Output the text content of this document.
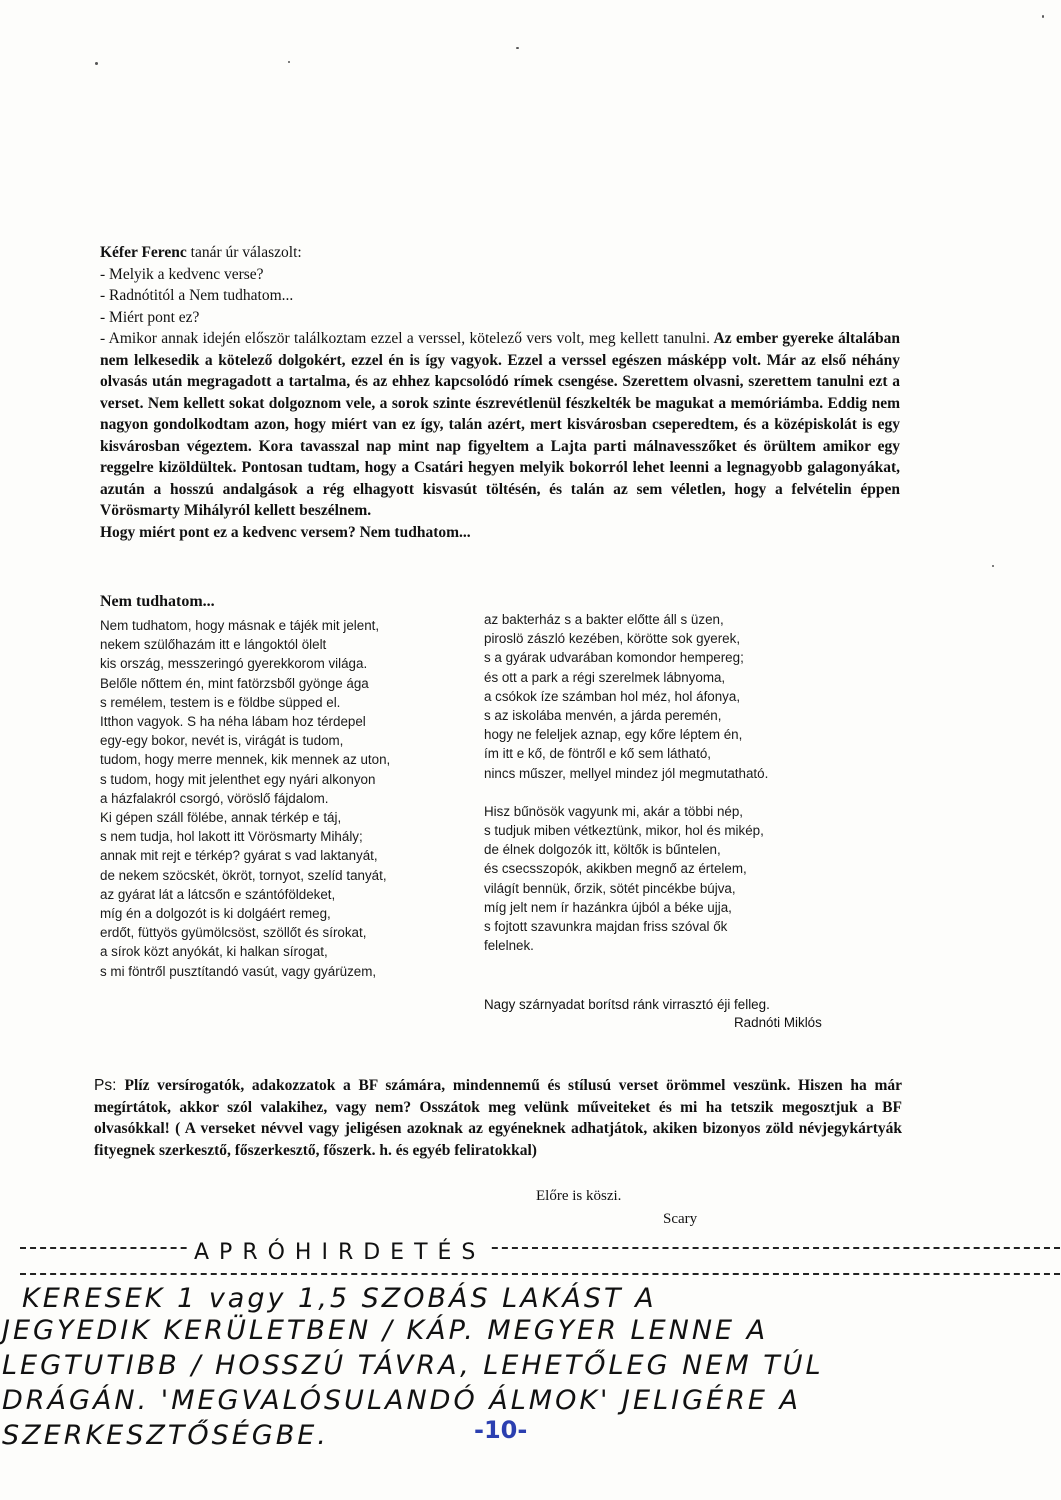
Kéfer Ferenc tanár úr válaszolt:

- Melyik a kedvenc verse?

- Radnótitól a Nem tudhatom...

- Miért pont ez?

- Amikor annak idején először találkoztam ezzel a verssel, kötelező vers volt, meg kellett tanulni. Az ember gyereke általában nem lelkesedik a kötelező dolgokért, ezzel én is így vagyok. Ezzel a verssel egészen másképp volt. Már az első néhány olvasás után megragadott a tartalma, és az ehhez kapcsolódó rímek csengése. Szerettem olvasni, szerettem tanulni ezt a verset. Nem kellett sokat dolgoznom vele, a sorok szinte észrevétlenül fészkelték be magukat a memóriámba. Eddig nem nagyon gondolkodtam azon, hogy miért van ez így, talán azért, mert kisvárosban cseperedtem, és a középiskolát is egy kisvárosban végeztem. Kora tavasszal nap mint nap figyeltem a Lajta parti málnavesszőket és örültem amikor egy reggelre kizöldültek. Pontosan tudtam, hogy a Csatári hegyen melyik bokorról lehet leenni a legnagyobb galagonyákat, azután a hosszú andalgások a rég elhagyott kisvasút töltésén, és talán az sem véletlen, hogy a felvételin éppen Vörösmarty Mihályról kellett beszélnem.

Hogy miért pont ez a kedvenc versem? Nem tudhatom...

Nem tudhatom...
Nem tudhatom, hogy másnak e tájék mit jelent,
nekem szülőhazám itt e lángoktól ölelt
kis ország, messzeringó gyerekkorom világa.
Belőle nőttem én, mint fatörzsből gyönge ága
s remélem, testem is e földbe süpped el.
Itthon vagyok. S ha néha lábam hoz térdepel
egy-egy bokor, nevét is, virágát is tudom,
tudom, hogy merre mennek, kik mennek az uton,
s tudom, hogy mit jelenthet egy nyári alkonyon
a házfalakról csorgó, vöröslő fájdalom.
Ki gépen száll fölébe, annak térkép e táj,
s nem tudja, hol lakott itt Vörösmarty Mihály;
annak mit rejt e térkép? gyárat s vad laktanyát,
de nekem szöcskét, ökröt, tornyot, szelíd tanyát,
az gyárat lát a látcsőn e szántóföldeket,
míg én a dolgozót is ki dolgáért remeg,
erdőt, füttyös gyümölcsöst, szöllőt és sírokat,
a sírok közt anyókát, ki halkan sírogat,
s mi föntről pusztítandó vasút, vagy gyárüzem,
az bakterház s a bakter előtte áll s üzen,
piroslö zászló kezében, körötte sok gyerek,
s a gyárak udvarában komondor hempereg;
és ott a park a régi szerelmek lábnyoma,
a csókok íze számban hol méz, hol áfonya,
s az iskolába menvén, a járda peremén,
hogy ne feleljek aznap, egy kőre léptem én,
ím itt e kő, de föntről e kő sem látható,
nincs műszer, mellyel mindez jól megmutatható.
Hisz bűnösök vagyunk mi, akár a többi nép,
s tudjuk miben vétkeztünk, mikor, hol és mikép,
de élnek dolgozók itt, költők is bűntelen,
és csecsszopók, akikben megnő az értelem,
világít bennük, őrzik, sötét pincékbe bújva,
míg jelt nem ír hazánkra újból a béke ujja,
s fojtott szavunkra majdan friss szóval ők
felelnek.
Nagy szárnyadat borítsd ránk virrasztó éji felleg.
Radnóti Miklós
Ps: Plíz versírogatók, adakozzatok a BF számára, mindennemű és stílusú verset örömmel veszünk. Hiszen ha már megírtátok, akkor szól valakihez, vagy nem? Osszátok meg velünk műveiteket és mi ha tetszik megosztjuk a BF olvasókkal! ( A verseket névvel vagy jeligésen azoknak az egyéneknek adhatjátok, akiken bizonyos zöld névjegykártyák fityegnek szerkesztő, főszerkesztő, főszerk. h. és egyéb feliratokkal)
Előre is köszi.
Scary
APRÓHIRDETÉS
KERESEK 1 vagy 1,5 SZOBÁS LAKÁST A
JEGYEDIK KERÜLETBEN / KÁP. MEGYER LENNE A
LEGTUTIBB / HOSSZÚ TÁVRA, LEHETŐLEG NEM TÚL
DRÁGÁN. 'MEGVALÓSULANDÓ ÁLMOK' JELIGÉRE A
SZERKESZTŐSÉGBE.	-10-
